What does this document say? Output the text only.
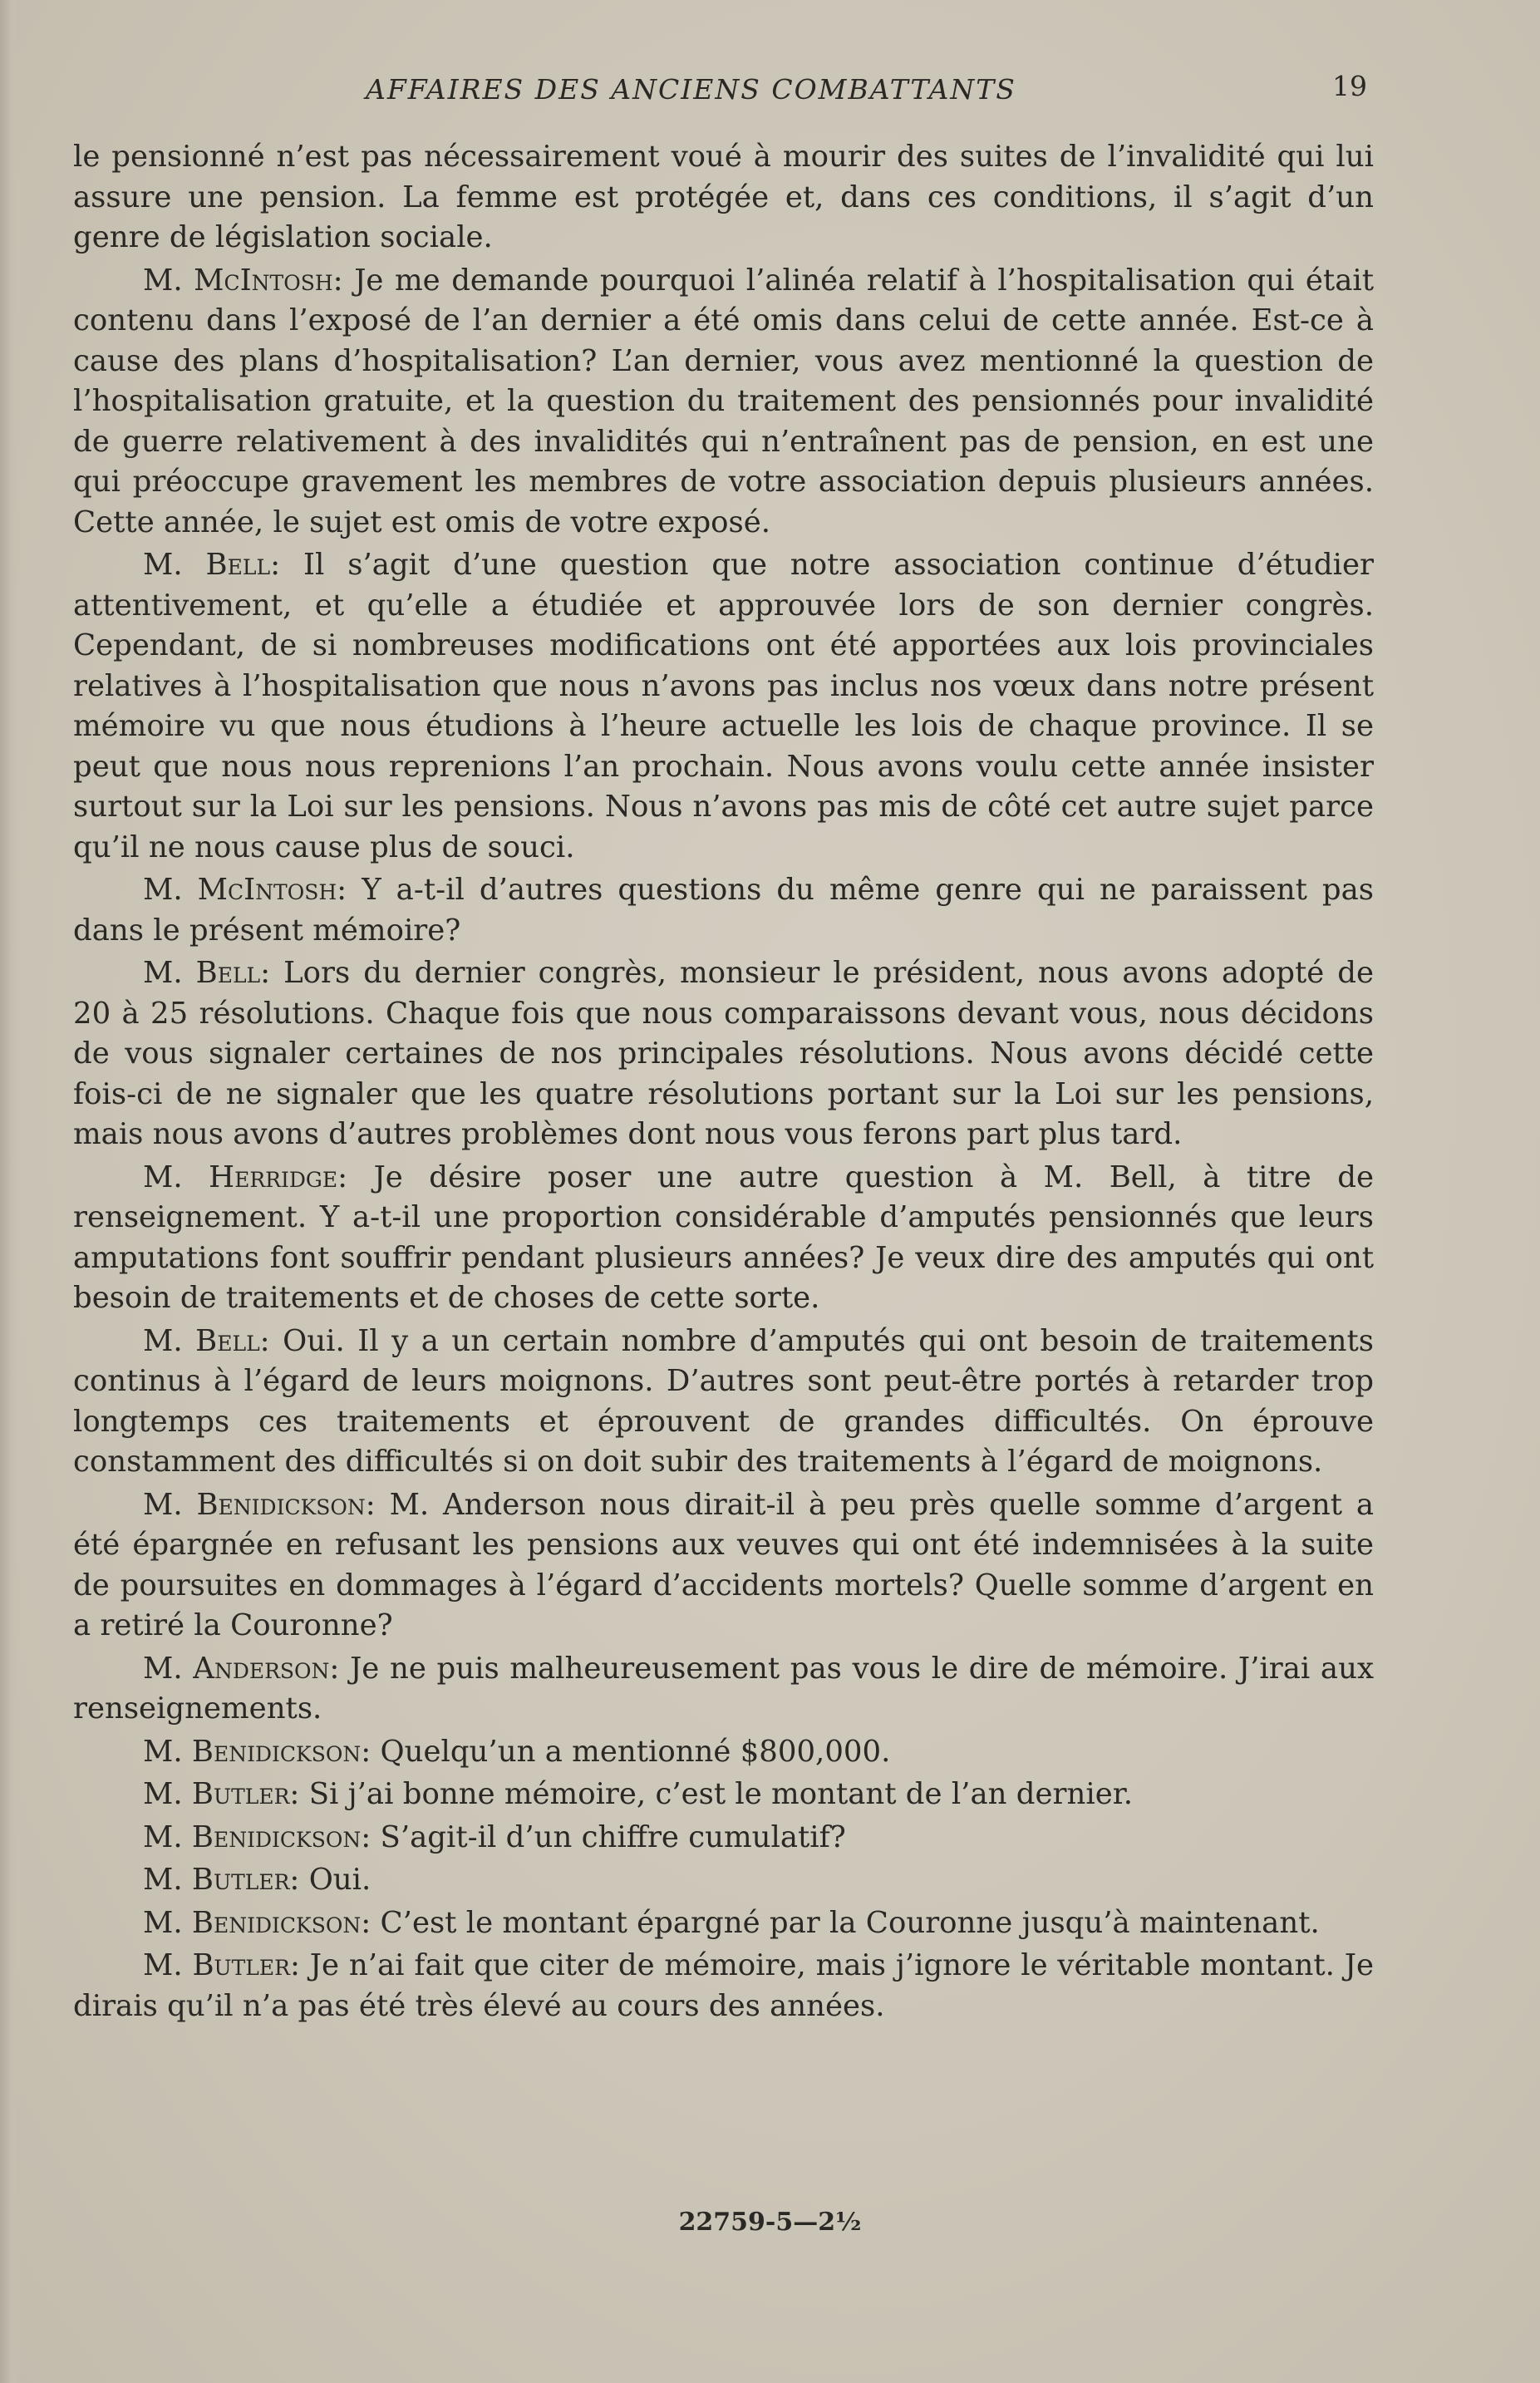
AFFAIRES DES ANCIENS COMBATTANTS	19

le pensionné n’est pas nécessairement voué à mourir des suites de l’invalidité qui lui assure une pension. La femme est protégée et, dans ces conditions, il s’agit d’un genre de législation sociale.

M. McIntosh: Je me demande pourquoi l’alinéa relatif à l’hospitalisation qui était contenu dans l’exposé de l’an dernier a été omis dans celui de cette année. Est-ce à cause des plans d’hospitalisation? L’an dernier, vous avez mentionné la question de l’hospitalisation gratuite, et la question du traitement des pensionnés pour invalidité de guerre relativement à des invalidités qui n’entraînent pas de pension, en est une qui préoccupe gravement les membres de votre association depuis plusieurs années. Cette année, le sujet est omis de votre exposé.

M. Bell: Il s’agit d’une question que notre association continue d’étudier attentivement, et qu’elle a étudiée et approuvée lors de son dernier congrès. Cependant, de si nombreuses modifications ont été apportées aux lois provinciales relatives à l’hospitalisation que nous n’avons pas inclus nos vœux dans notre présent mémoire vu que nous étudions à l’heure actuelle les lois de chaque province. Il se peut que nous nous reprenions l’an prochain. Nous avons voulu cette année insister surtout sur la Loi sur les pensions. Nous n’avons pas mis de côté cet autre sujet parce qu’il ne nous cause plus de souci.

M. McIntosh: Y a-t-il d’autres questions du même genre qui ne paraissent pas dans le présent mémoire?

M. Bell: Lors du dernier congrès, monsieur le président, nous avons adopté de 20 à 25 résolutions. Chaque fois que nous comparaissons devant vous, nous décidons de vous signaler certaines de nos principales résolutions. Nous avons décidé cette fois-ci de ne signaler que les quatre résolutions portant sur la Loi sur les pensions, mais nous avons d’autres problèmes dont nous vous ferons part plus tard.

M. Herridge: Je désire poser une autre question à M. Bell, à titre de renseignement. Y a-t-il une proportion considérable d’amputés pensionnés que leurs amputations font souffrir pendant plusieurs années? Je veux dire des amputés qui ont besoin de traitements et de choses de cette sorte.

M. Bell: Oui. Il y a un certain nombre d’amputés qui ont besoin de traitements continus à l’égard de leurs moignons. D’autres sont peut-être portés à retarder trop longtemps ces traitements et éprouvent de grandes difficultés. On éprouve constamment des difficultés si on doit subir des traitements à l’égard de moignons.

M. Benidickson: M. Anderson nous dirait-il à peu près quelle somme d’argent a été épargnée en refusant les pensions aux veuves qui ont été indemnisées à la suite de poursuites en dommages à l’égard d’accidents mortels? Quelle somme d’argent en a retiré la Couronne?

M. Anderson: Je ne puis malheureusement pas vous le dire de mémoire. J’irai aux renseignements.

M. Benidickson: Quelqu’un a mentionné $800,000.

M. Butler: Si j’ai bonne mémoire, c’est le montant de l’an dernier.

M. Benidickson: S’agit-il d’un chiffre cumulatif?

M. Butler: Oui.

M. Benidickson: C’est le montant épargné par la Couronne jusqu’à maintenant.

M. Butler: Je n’ai fait que citer de mémoire, mais j’ignore le véritable montant. Je dirais qu’il n’a pas été très élevé au cours des années.

22759-5—2½
